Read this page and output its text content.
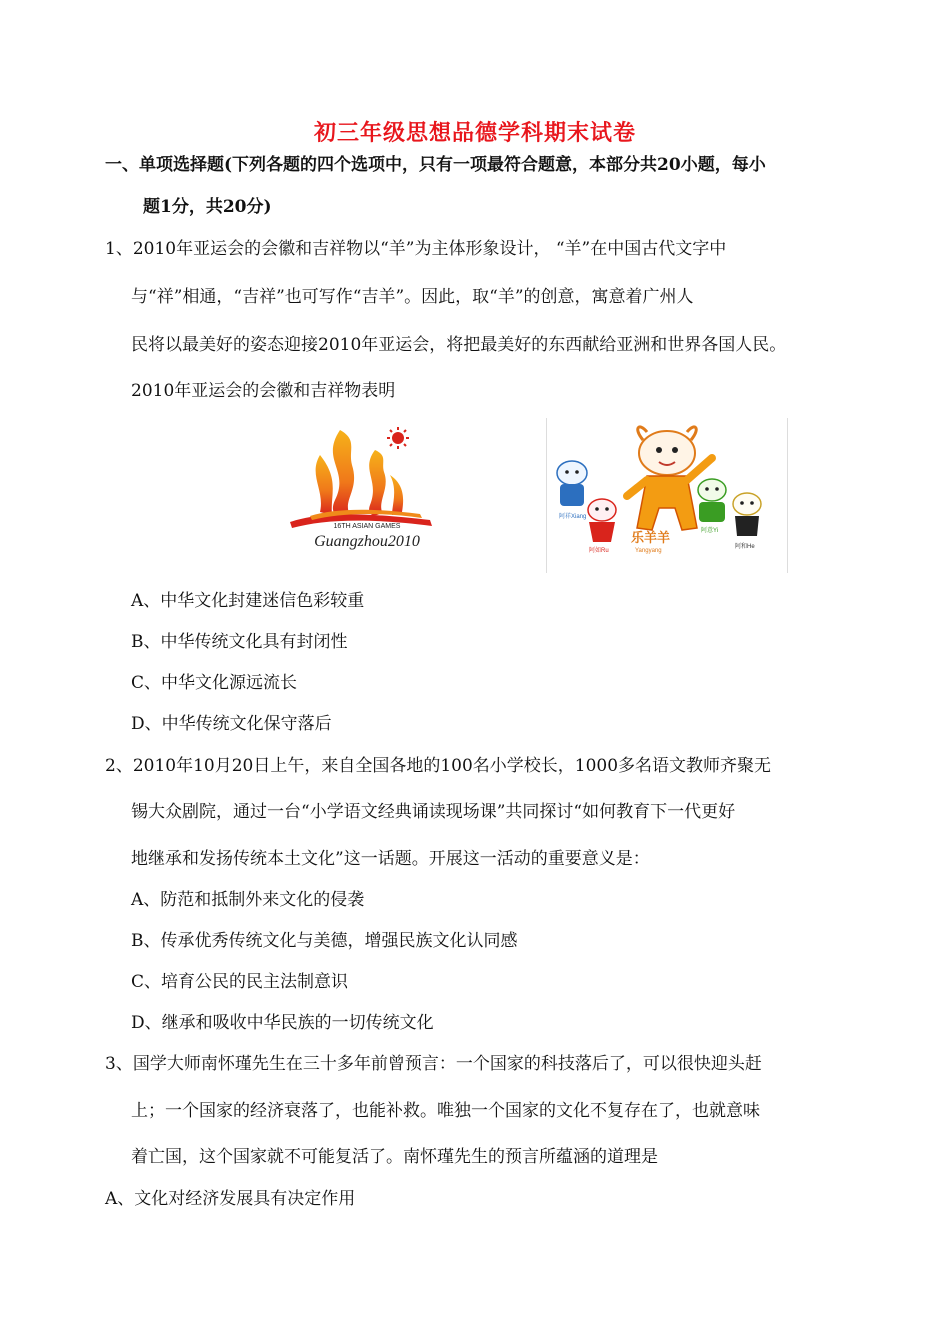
初三年级思想品德学科期末试卷
一、单项选择题(下列各题的四个选项中，只有一项最符合题意，本部分共20小题，每小
题1分，共20分)
1、2010年亚运会的会徽和吉祥物以“羊”为主体形象设计， “羊”在中国古代文字中
与“祥”相通，“吉祥”也可写作“吉羊”。因此，取“羊”的创意，寓意着广州人
民将以最美好的姿态迎接2010年亚运会，将把最美好的东西献给亚洲和世界各国人民。
2010年亚运会的会徽和吉祥物表明
16TH ASIAN GAMES
Guangzhou2010
阿祥Xiang
阿如Ru
阿意Yi
阿和He
乐羊羊
Yangyang
A、中华文化封建迷信色彩较重
B、中华传统文化具有封闭性
C、中华文化源远流长
D、中华传统文化保守落后
2、2010年10月20日上午，来自全国各地的100名小学校长，1000多名语文教师齐聚无
锡大众剧院，通过一台“小学语文经典诵读现场课”共同探讨“如何教育下一代更好
地继承和发扬传统本土文化”这一话题。开展这一活动的重要意义是：
A、防范和抵制外来文化的侵袭
B、传承优秀传统文化与美德，增强民族文化认同感
C、培育公民的民主法制意识
D、继承和吸收中华民族的一切传统文化
3、国学大师南怀瑾先生在三十多年前曾预言：一个国家的科技落后了，可以很快迎头赶
上；一个国家的经济衰落了，也能补救。唯独一个国家的文化不复存在了，也就意味
着亡国，这个国家就不可能复活了。南怀瑾先生的预言所蕴涵的道理是
A、文化对经济发展具有决定作用
